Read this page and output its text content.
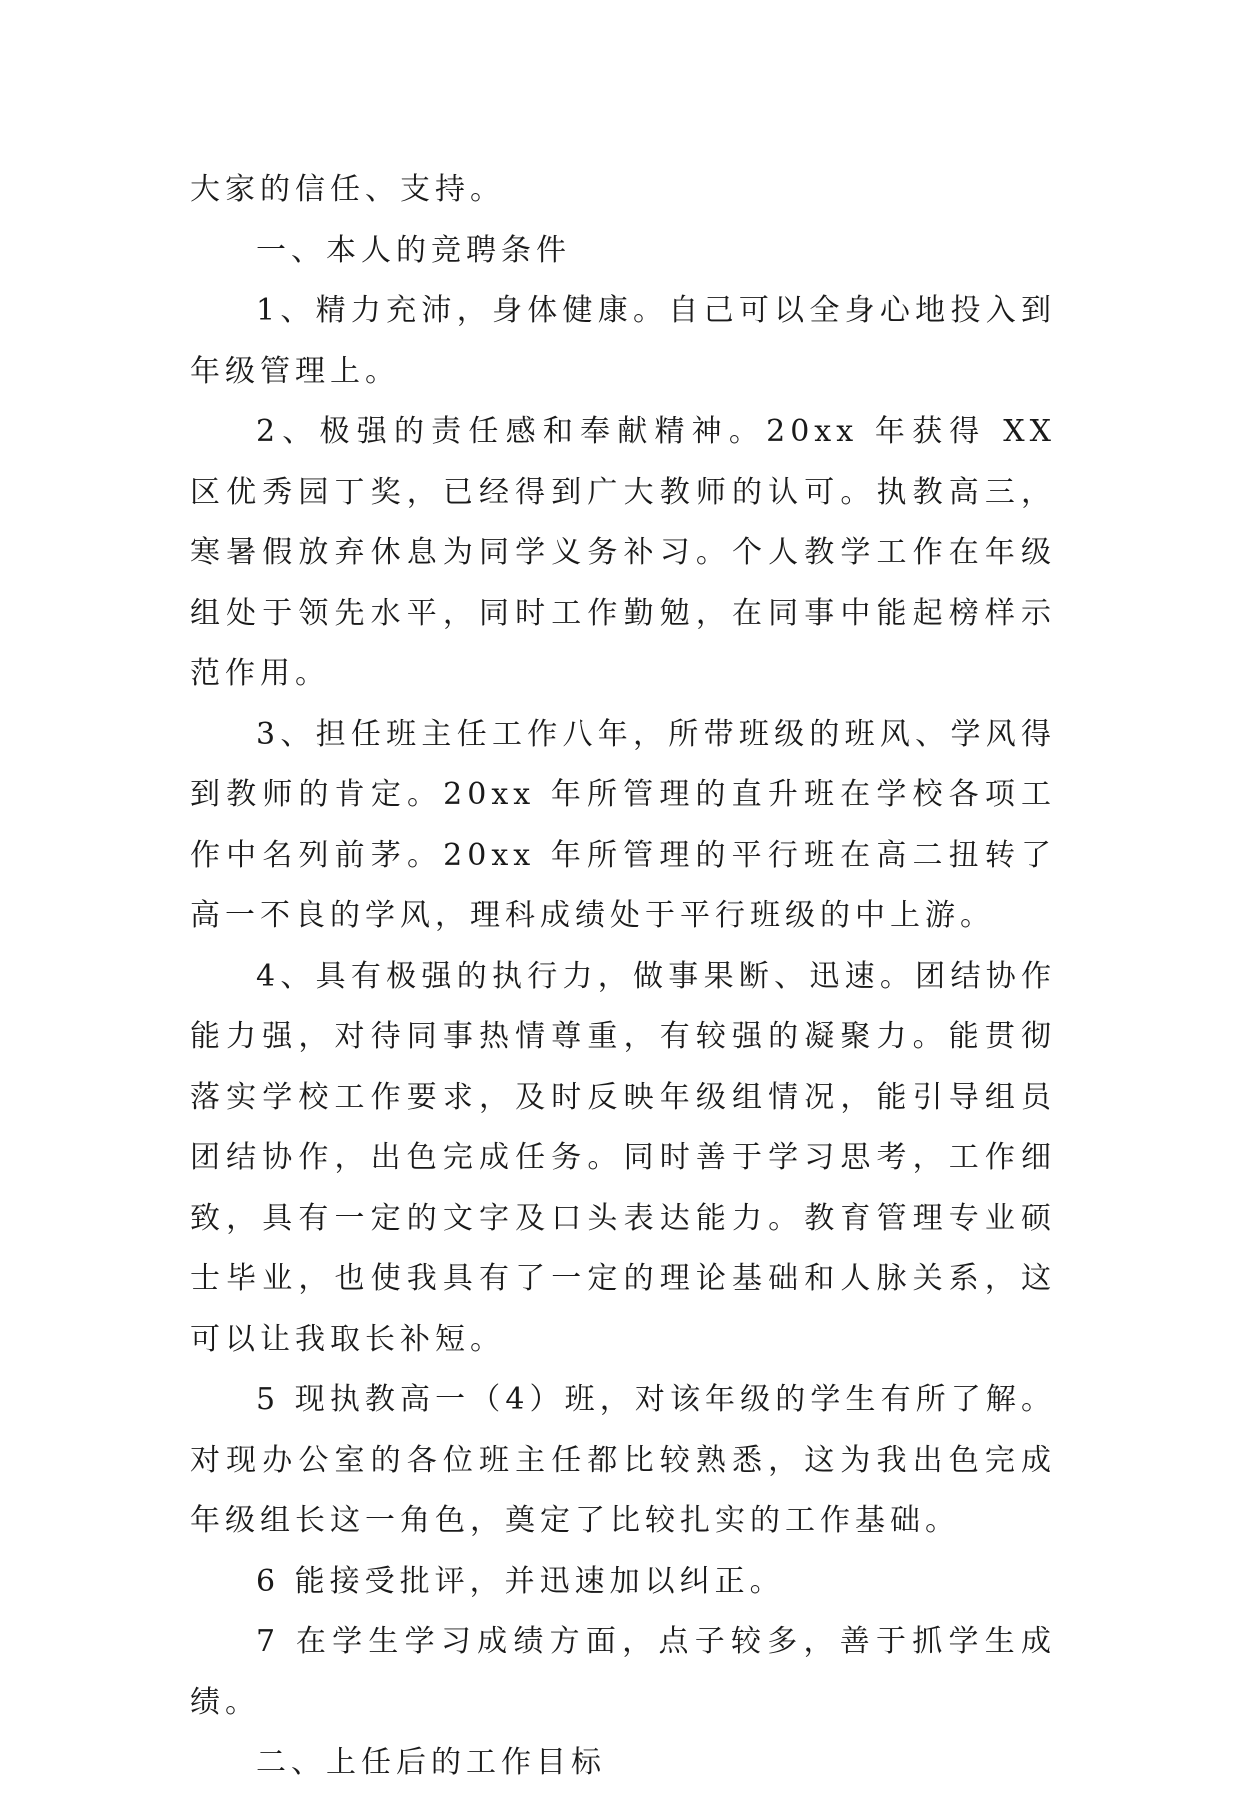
大家的信任、支持。

一、本人的竞聘条件

1、精力充沛，身体健康。自己可以全身心地投入到年级管理上。

2、极强的责任感和奉献精神。20xx 年获得 XX 区优秀园丁奖，已经得到广大教师的认可。执教高三，寒暑假放弃休息为同学义务补习。个人教学工作在年级组处于领先水平，同时工作勤勉，在同事中能起榜样示范作用。

3、担任班主任工作八年，所带班级的班风、学风得到教师的肯定。20xx 年所管理的直升班在学校各项工作中名列前茅。20xx 年所管理的平行班在高二扭转了高一不良的学风，理科成绩处于平行班级的中上游。

4、具有极强的执行力，做事果断、迅速。团结协作能力强，对待同事热情尊重，有较强的凝聚力。能贯彻落实学校工作要求，及时反映年级组情况，能引导组员团结协作，出色完成任务。同时善于学习思考，工作细致，具有一定的文字及口头表达能力。教育管理专业硕士毕业，也使我具有了一定的理论基础和人脉关系，这可以让我取长补短。

5 现执教高一（4）班，对该年级的学生有所了解。对现办公室的各位班主任都比较熟悉，这为我出色完成年级组长这一角色，奠定了比较扎实的工作基础。

6 能接受批评，并迅速加以纠正。

7 在学生学习成绩方面，点子较多，善于抓学生成绩。

二、上任后的工作目标
